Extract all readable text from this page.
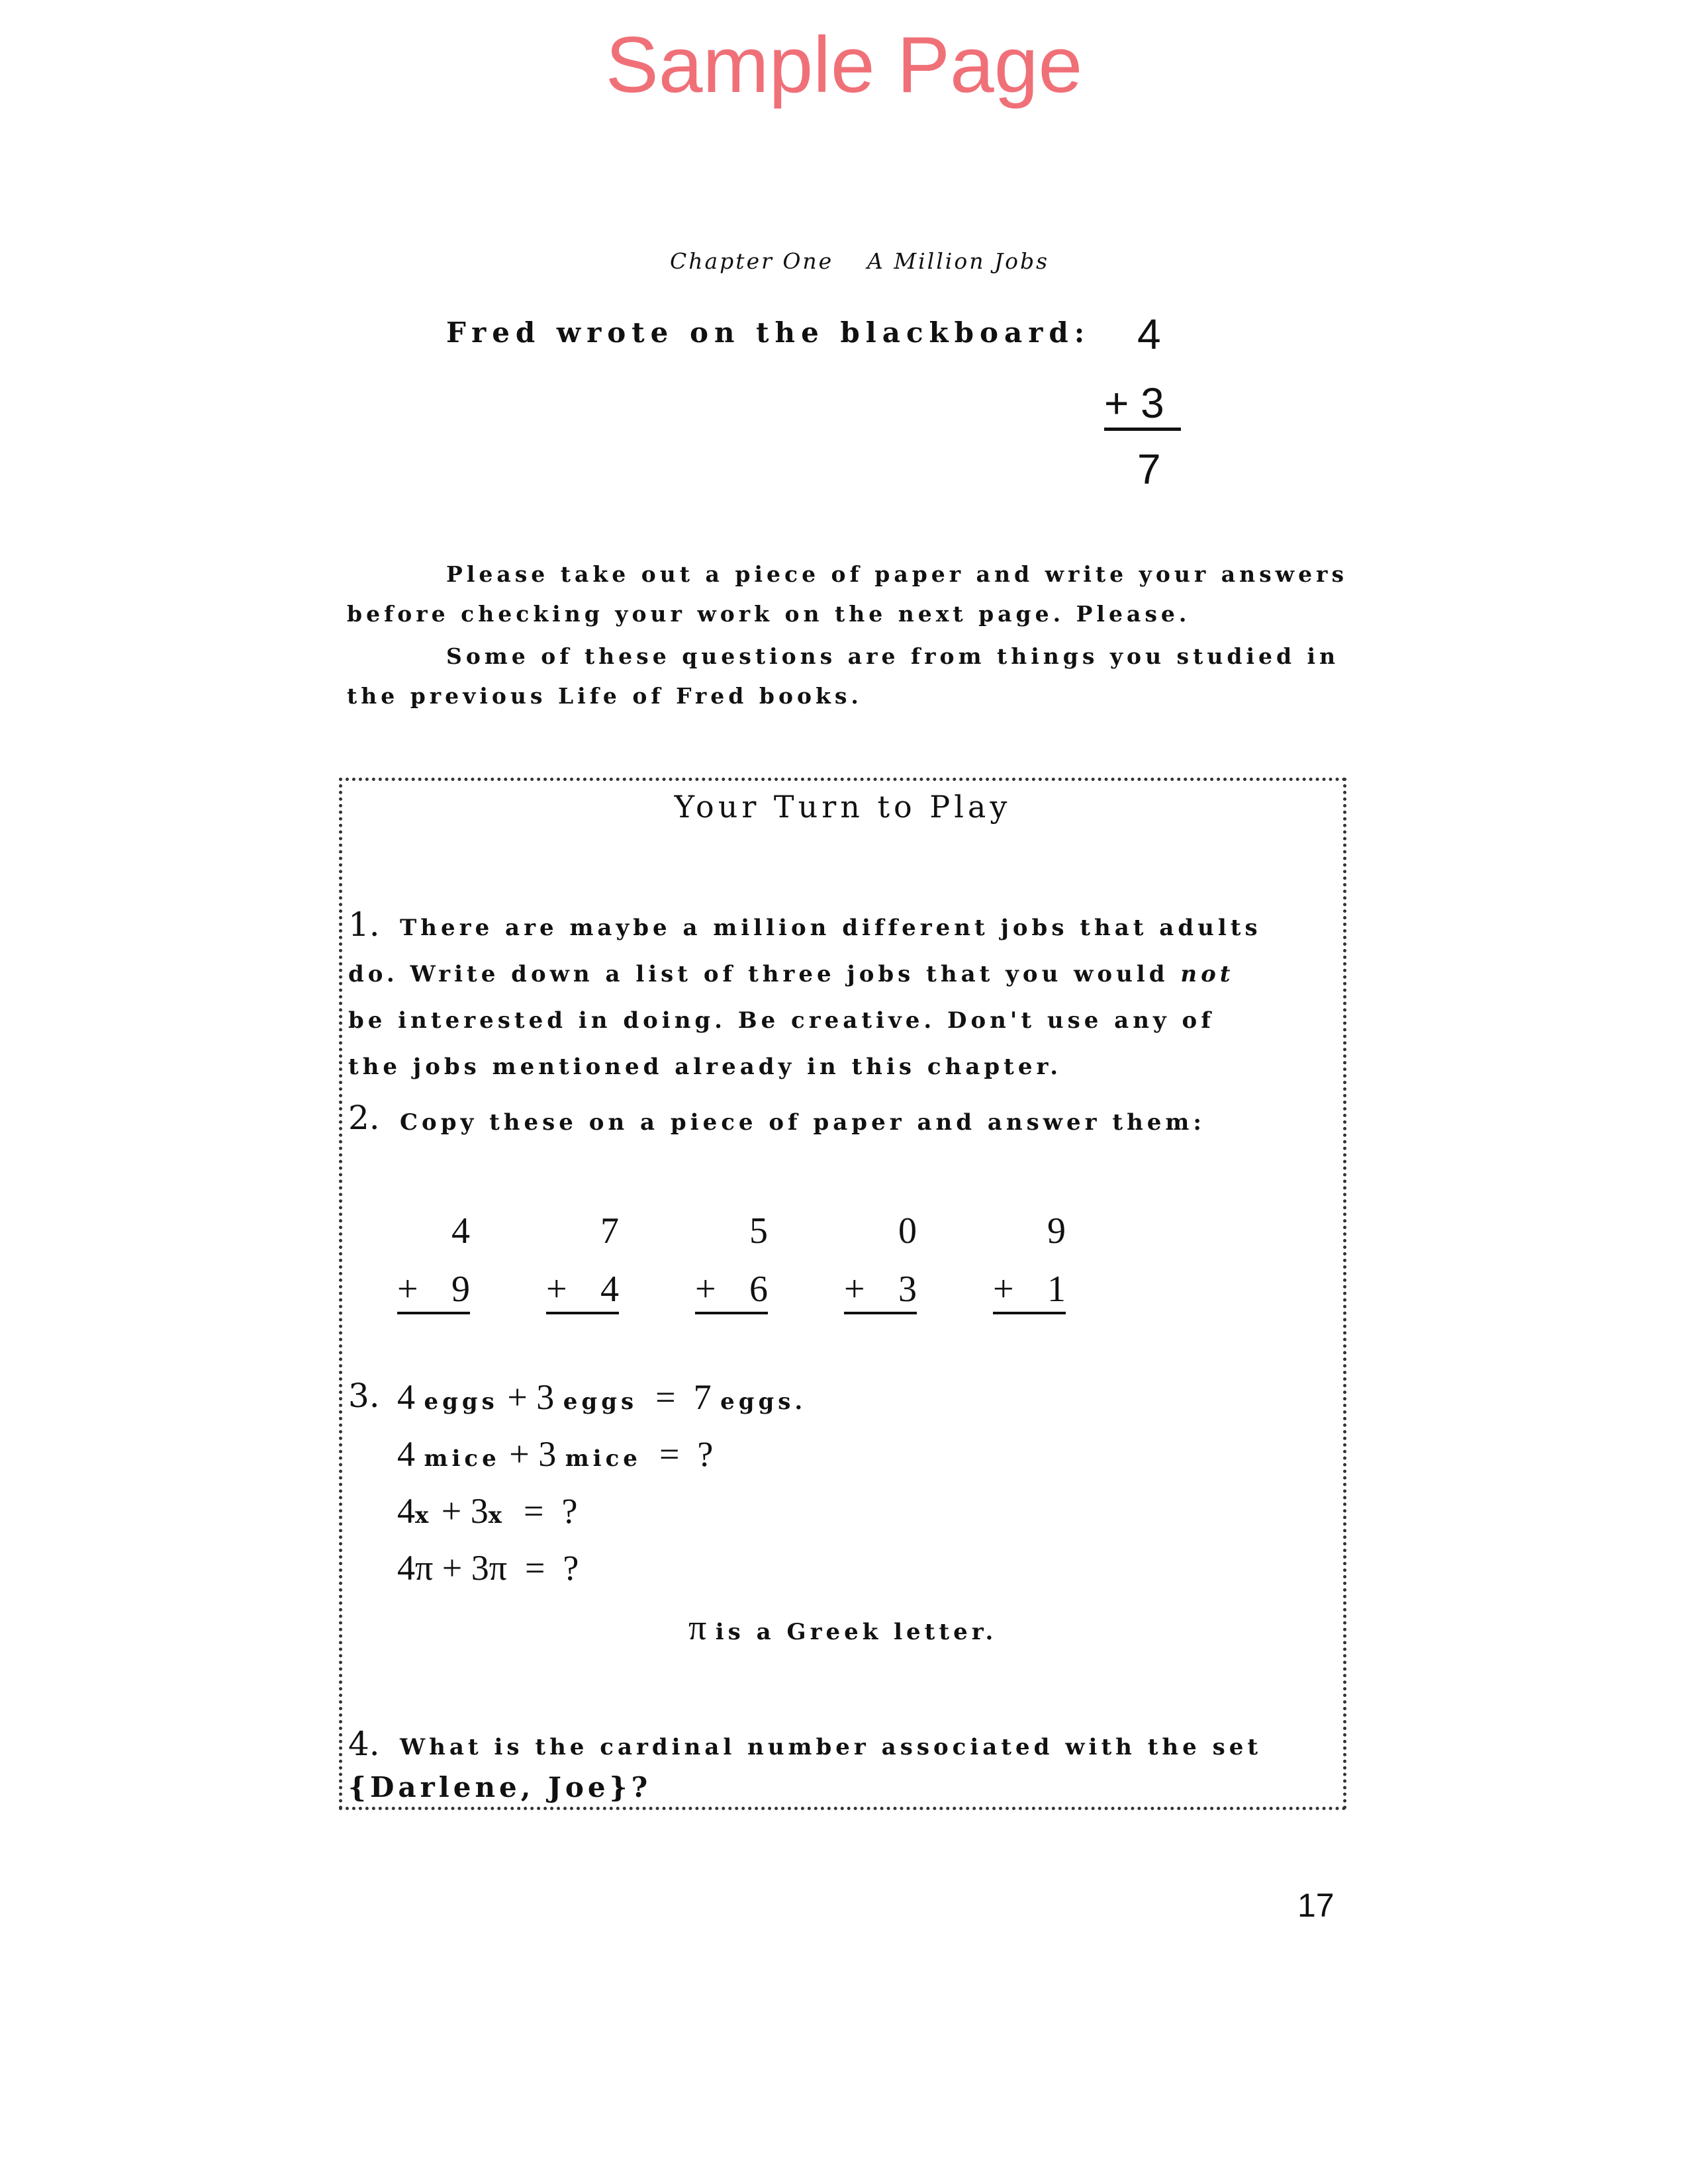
Sample Page
Chapter One A Million Jobs
Fred wrote on the blackboard: 4
+ 3
7
Please take out a piece of paper and write your answers
before checking your work on the next page. Please.
Some of these questions are from things you studied in
the previous Life of Fred books.
Your Turn to Play
1. There are maybe a million different jobs that adults
do. Write down a list of three jobs that you would not
be interested in doing. Be creative. Don't use any of
the jobs mentioned already in this chapter.
2. Copy these on a piece of paper and answer them:
4
+ 9
7
+ 4
5
+ 6
0
+ 3
9
+ 1
3. 4 eggs + 3 eggs = 7 eggs.
4 mice + 3 mice = ?
4x + 3x = ?
4π + 3π  =  ?
π is a Greek letter.
4. What is the cardinal number associated with the set
{Darlene, Joe}?
17
